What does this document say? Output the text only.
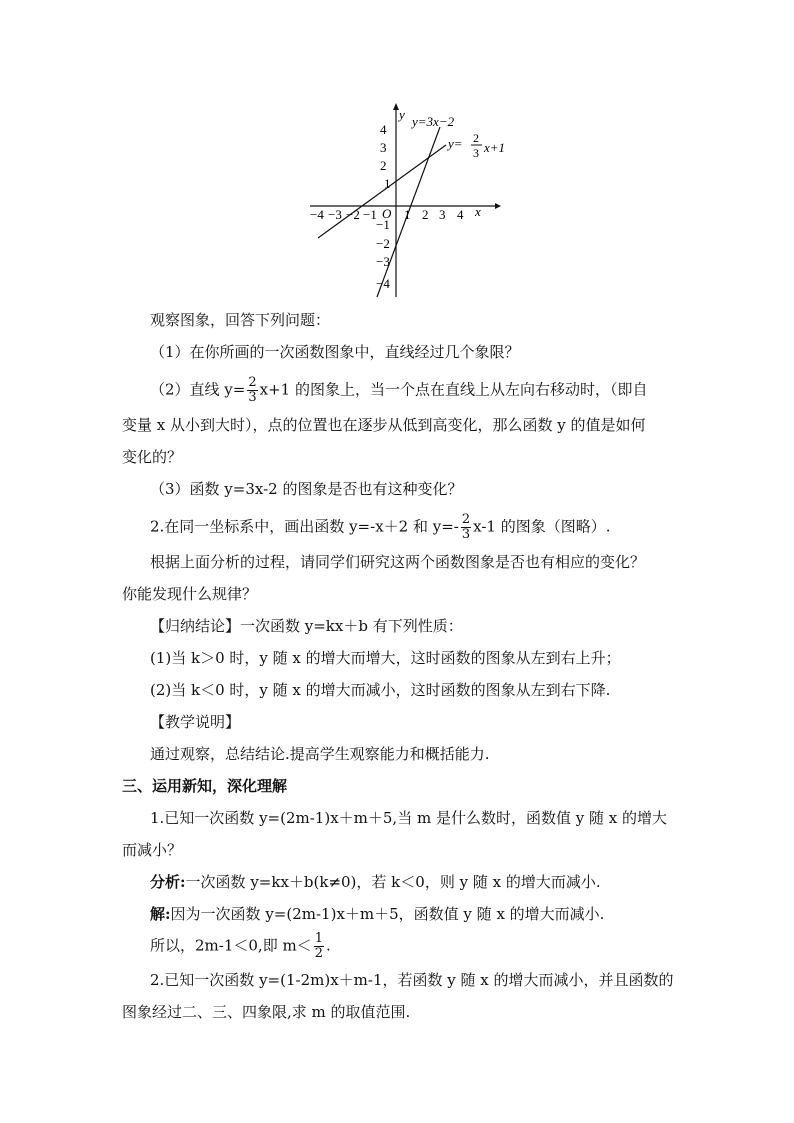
y
x
O
−4 −3 −2 −1 1 2 3 4
4
3
2
1
−1
−2
−3
−4
y=3x−2
y= 2
3 x+1
观察图象，回答下列问题：
（1）在你所画的一次函数图象中，直线经过几个象限？
（2）直线 $y= \frac{2}{3} x+1$ 的图象上，当一个点在直线上从左向右移动时，（即自
变量 x 从小到大时），点的位置也在逐步从低到高变化，那么函数 y 的值是如何
变化的？
（3）函数 y=3x-2 的图象是否也有这种变化？
2.在同一坐标系中，画出函数 y=-x＋2 和 $y=- \frac{2}{3} x-1$ 的图象（图略）.
根据上面分析的过程，请同学们研究这两个函数图象是否也有相应的变化？
你能发现什么规律？
【归纳结论】一次函数 y=kx＋b 有下列性质：
(1)当 k＞0 时，y 随 x 的增大而增大，这时函数的图象从左到右上升；
(2)当 k＜0 时，y 随 x 的增大而减小，这时函数的图象从左到右下降.
【教学说明】
通过观察，总结结论.提高学生观察能力和概括能力.
三、运用新知，深化理解
1.已知一次函数 y=(2m-1)x＋m＋5,当 m 是什么数时，函数值 y 随 x 的增大
而减小？
分析:一次函数 y=kx＋b(k≠0)，若 k＜0，则 y 随 x 的增大而减小.
解:因为一次函数 y=(2m-1)x＋m＋5，函数值 y 随 x 的增大而减小.
所以，2m-1＜0,即 $m< \frac{1}{2}$ .
2.已知一次函数 y=(1-2m)x＋m-1，若函数 y 随 x 的增大而减小，并且函数的
图象经过二、三、四象限,求 m 的取值范围.
